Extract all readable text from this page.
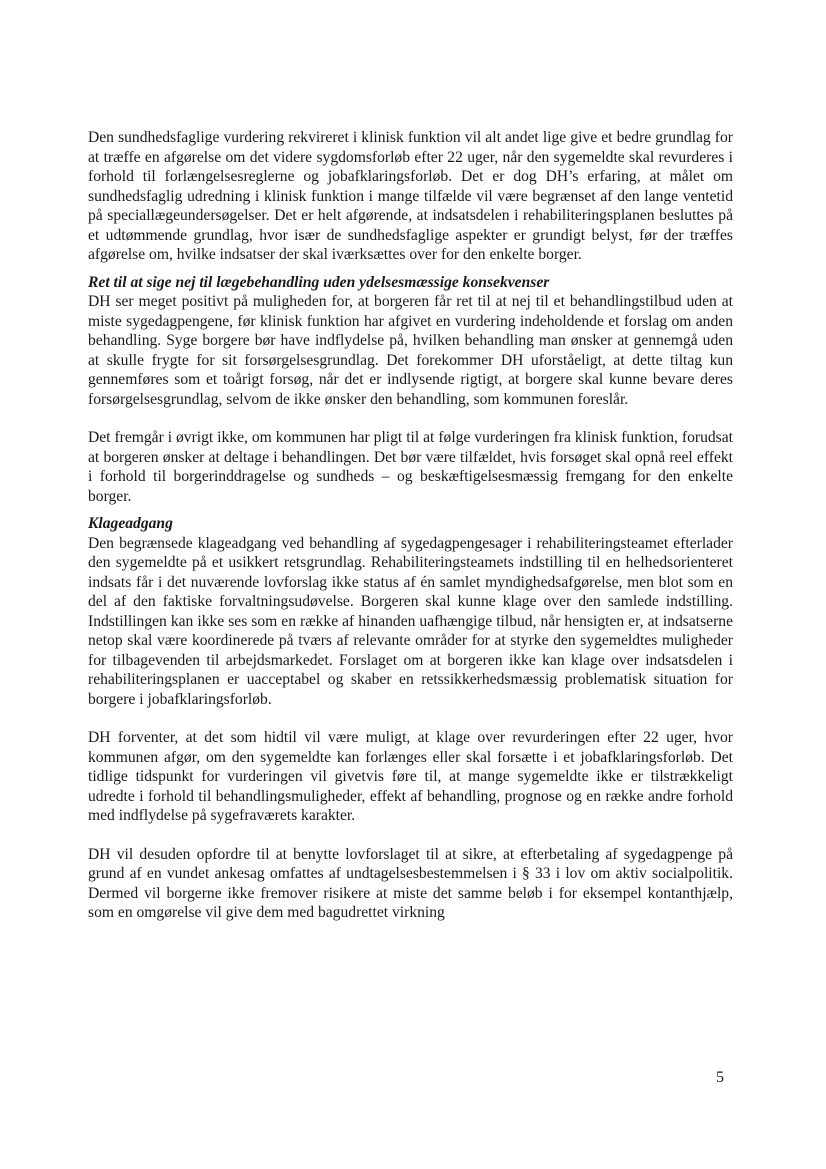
Den sundhedsfaglige vurdering rekvireret i klinisk funktion vil alt andet lige give et bedre grundlag for at træffe en afgørelse om det videre sygdomsforløb efter 22 uger, når den sygemeldte skal revurderes i forhold til forlængelsesreglerne og jobafklaringsforløb. Det er dog DH’s erfaring, at målet om sundhedsfaglig udredning i klinisk funktion i mange tilfælde vil være begrænset af den lange ventetid på speciallægeundersøgelser. Det er helt afgørende, at indsatsdelen i rehabiliteringsplanen besluttes på et udtømmende grundlag, hvor især de sundhedsfaglige aspekter er grundigt belyst, før der træffes afgørelse om, hvilke indsatser der skal iværksættes over for den enkelte borger.

Ret til at sige nej til lægebehandling uden ydelsesmæssige konsekvenser

DH ser meget positivt på muligheden for, at borgeren får ret til at nej til et behandlingstilbud uden at miste sygedagpengene, før klinisk funktion har afgivet en vurdering indeholdende et forslag om anden behandling. Syge borgere bør have indflydelse på, hvilken behandling man ønsker at gennemgå uden at skulle frygte for sit forsørgelsesgrundlag. Det forekommer DH uforståeligt, at dette tiltag kun gennemføres som et toårigt forsøg, når det er indlysende rigtigt, at borgere skal kunne bevare deres forsørgelsesgrundlag, selvom de ikke ønsker den behandling, som kommunen foreslår.

Det fremgår i øvrigt ikke, om kommunen har pligt til at følge vurderingen fra klinisk funktion, forudsat at borgeren ønsker at deltage i behandlingen. Det bør være tilfældet, hvis forsøget skal opnå reel effekt i forhold til borgerinddragelse og sundheds – og beskæftigelsesmæssig fremgang for den enkelte borger.

Klageadgang

Den begrænsede klageadgang ved behandling af sygedagpengesager i rehabiliteringsteamet efterlader den sygemeldte på et usikkert retsgrundlag. Rehabiliteringsteamets indstilling til en helhedsorienteret indsats får i det nuværende lovforslag ikke status af én samlet myndighedsafgørelse, men blot som en del af den faktiske forvaltningsudøvelse. Borgeren skal kunne klage over den samlede indstilling. Indstillingen kan ikke ses som en række af hinanden uafhængige tilbud, når hensigten er, at indsatserne netop skal være koordinerede på tværs af relevante områder for at styrke den sygemeldtes muligheder for tilbagevenden til arbejdsmarkedet. Forslaget om at borgeren ikke kan klage over indsatsdelen i rehabiliteringsplanen er uacceptabel og skaber en retssikkerhedsmæssig problematisk situation for borgere i jobafklaringsforløb.

DH forventer, at det som hidtil vil være muligt, at klage over revurderingen efter 22 uger, hvor kommunen afgør, om den sygemeldte kan forlænges eller skal forsætte i et jobafklaringsforløb. Det tidlige tidspunkt for vurderingen vil givetvis føre til, at mange sygemeldte ikke er tilstrækkeligt udredte i forhold til behandlingsmuligheder, effekt af behandling, prognose og en række andre forhold med indflydelse på sygefraværets karakter.

DH vil desuden opfordre til at benytte lovforslaget til at sikre, at efterbetaling af sygedagpenge på grund af en vundet ankesag omfattes af undtagelsesbestemmelsen i § 33 i lov om aktiv socialpolitik. Dermed vil borgerne ikke fremover risikere at miste det samme beløb i for eksempel kontanthjælp, som en omgørelse vil give dem med bagudrettet virkning

5
